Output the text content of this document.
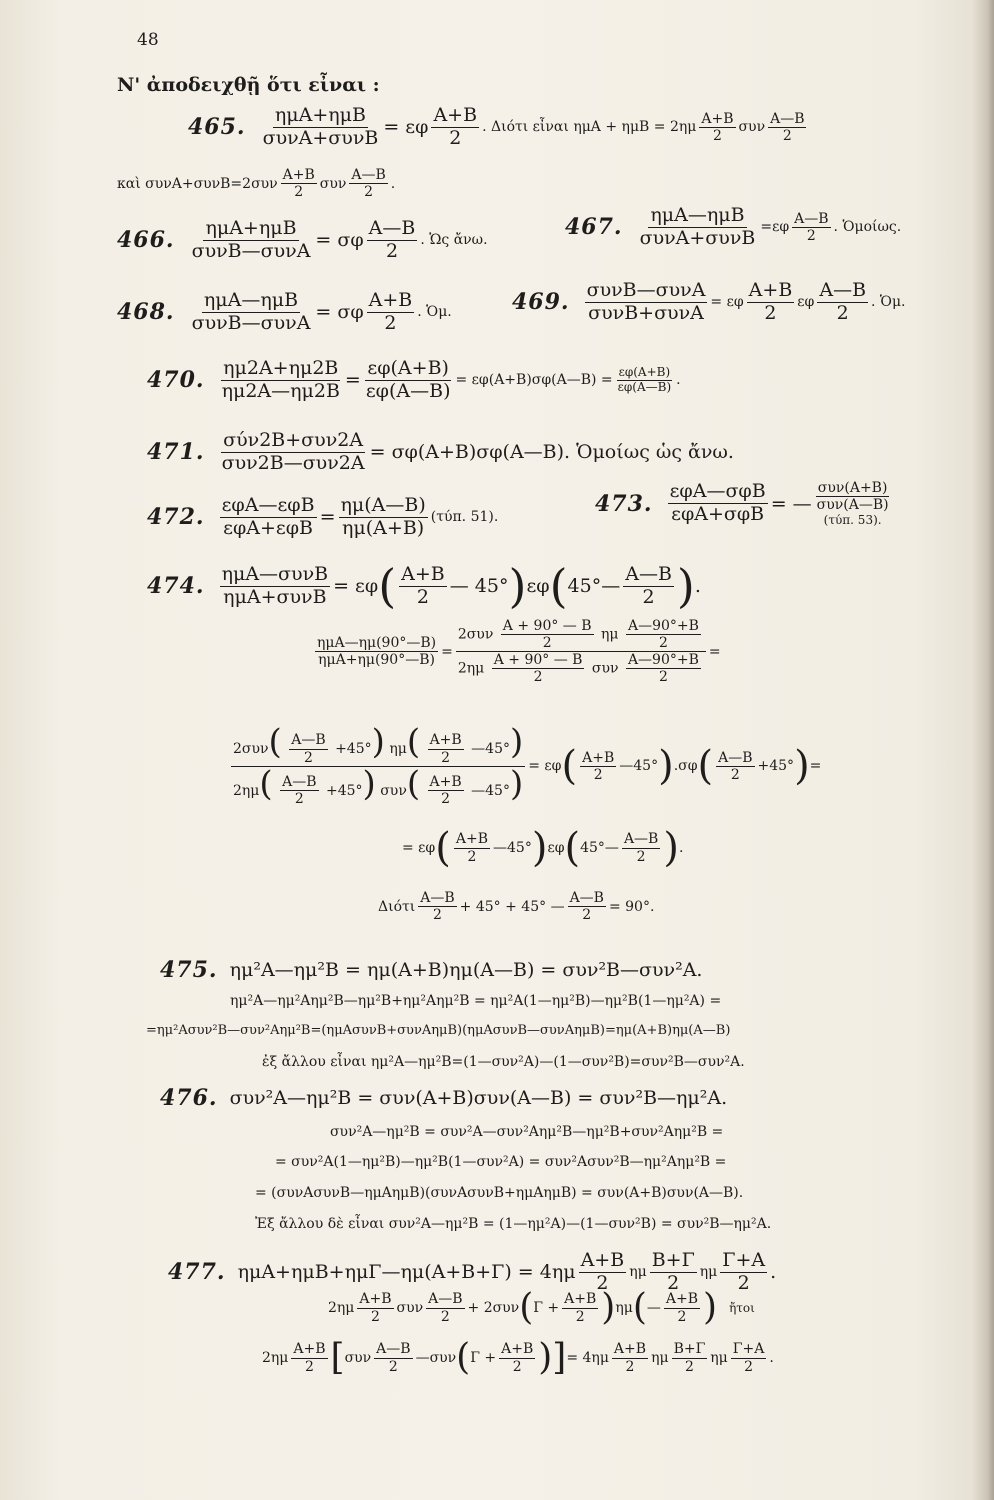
48
Ν' ἀποδειχθῇ ὅτι εἶναι :
465. $\frac{\text{ημΑ+ημΒ}}{\text{συνΑ+συνΒ}} = \varepsilon\varphi \frac{A+B}{2}$ . Διότι εἶναι $\eta\mu A + \eta\mu B = 2\eta\mu \frac{A+B}{2}$ συν $\frac{A—B}{2}$
καὶ $\sigma\upsilon\nu A+\sigma\upsilon\nu B=2\sigma\upsilon\nu \frac{A+B}{2}$ συν $\frac{A—B}{2}$ .
466. $\frac{\text{ημΑ+ημΒ}}{\text{συνΒ—συνΑ}} = \sigma\varphi \frac{A—B}{2}$ . Ὡς ἄνω.	467. $\frac{\text{ημΑ—ημΒ}}{\text{συνΑ+συνΒ}} =\varepsilon\varphi \frac{A—B}{2}$ . Ὁμοίως.
468. $\frac{\text{ημΑ—ημΒ}}{\text{συνΒ—συνΑ}} = \sigma\varphi \frac{A+B}{2}$ . Ὁμ.	469. $\frac{\text{συνΒ—συνΑ}}{\text{συνΒ+συνΑ}} = \varepsilon\varphi \frac{A+B}{2}$ εφ $\frac{A—B}{2}$ . Ὁμ.
470. $\frac{\eta\mu 2A+\eta\mu 2B}{\eta\mu 2A—\eta\mu 2B} = \frac{\varepsilon\varphi(A+B)}{\varepsilon\varphi(A—B)}$ = εφ(Α+Β)σφ(Α—Β) = $\frac{\varepsilon\varphi(A+B)}{\varepsilon\varphi(A—B)}$ .
471. $\frac{\text{σύν2Β+συν2Α}}{\text{συν2Β—συν2Α}}$ = σφ(Α+Β)σφ(Α—Β). Ὁμοίως ὡς ἄνω.
472. $\frac{\text{εφΑ—εφΒ}}{\text{εφΑ+εφΒ}} = \frac{\eta\mu(A—B)}{\eta\mu(A+B)} (\tau ύ\pi$. 51).
473. $\frac{\text{εφΑ—σφΒ}}{\text{εφΑ+σφΒ}}$ = — $\frac{\text{συν(Α+Β)}}{\text{συν(Α—Β)}}$
(τύπ. 53).
474. $\frac{\text{ημΑ—συνΒ}}{\text{ημΑ+συνΒ}} = \varepsilon\varphi$ ( $\frac{A+B}{2}$ — 45° ) εφ ( 45°— $\frac{A—B}{2}$ ) .
$\frac{\text{ημΑ—ημ(90°—Β)}}{\text{ημΑ+ημ(90°—Β)}} = \frac{2\sigma\upsilon\nu \frac{A + 90^\circ — B}{2} \eta\mu \frac{A—90^\circ+B}{2}}{2\eta\mu \frac{A + 90^\circ — B}{2} \sigma\upsilon\nu \frac{A—90^\circ+B}{2}}$ =
$2\sigma\upsilon\nu( \frac{A—B}{2} +45^\circ)$ $\eta\mu( \frac{A+B}{2}$ —45°)
$2\eta\mu( \frac{A—B}{2} +45^\circ)$ $\sigma\upsilon\nu( \frac{A+B}{2}$ —45°) = εφ ( $\frac{A+B}{2}$ —45° ) .σφ ( $\frac{A—B}{2} +45^\circ$ ) =
= εφ ( $\frac{A+B}{2}$ —45° ) εφ ( 45°— $\frac{A—B}{2}$ ) .
Διότι $\frac{A—B}{2} + 45^\circ + 45^\circ$ — $\frac{A—B}{2} = 90^\circ$.
475. ημ²Α—ημ²Β = ημ(Α+Β)ημ(Α—Β) = συν²Β—συν²Α.
ημ²Α—ημ²Αημ²Β—ημ²Β+ημ²Αημ²Β = ημ²Α(1—ημ²Β)—ημ²Β(1—ημ²Α) =
=ημ²Ασυν²Β—συν²Αημ²Β=(ημΑσυνΒ+συνΑημΒ)(ημΑσυνΒ—συνΑημΒ)=ημ(Α+Β)ημ(Α—Β)
ἐξ ἄλλου εἶναι ημ²Α—ημ²Β=(1—συν²Α)—(1—συν²Β)=συν²Β—συν²Α.
476. συν²Α—ημ²Β = συν(Α+Β)συν(Α—Β) = συν²Β—ημ²Α.
συν²Α—ημ²Β = συν²Α—συν²Αημ²Β—ημ²Β+συν²Αημ²Β =
= συν²Α(1—ημ²Β)—ημ²Β(1—συν²Α) = συν²Ασυν²Β—ημ²Αημ²Β =
= (συνΑσυνΒ—ημΑημΒ)(συνΑσυνΒ+ημΑημΒ) = συν(Α+Β)συν(Α—Β).
Ἐξ ἄλλου δὲ εἶναι συν²Α—ημ²Β = (1—ημ²Α)—(1—συν²Β) = συν²Β—ημ²Α.
477. ημΑ+ημΒ+ημΓ—ημ(Α+Β+Γ) = $4\eta\mu \frac{A+B}{2}$ ημ $\frac{B+\Gamma}{2}$ ημ $\frac{\Gamma+A}{2}$ .
$2\eta\mu \frac{A+B}{2}$ συν $\frac{A—B}{2} + 2\sigma\upsilon\nu$ ( $\Gamma + \frac{A+B}{2}$ ) ημ ( — $\frac{A+B}{2}$ ) ἤτοι
$2\eta\mu \frac{A+B}{2}$ [ συν $\frac{A—B}{2}$ —συν ( $\Gamma + \frac{A+B}{2}$ ) ] = $4\eta\mu \frac{A+B}{2}$ ημ $\frac{B+\Gamma}{2}$ ημ $\frac{\Gamma+A}{2}$ .
